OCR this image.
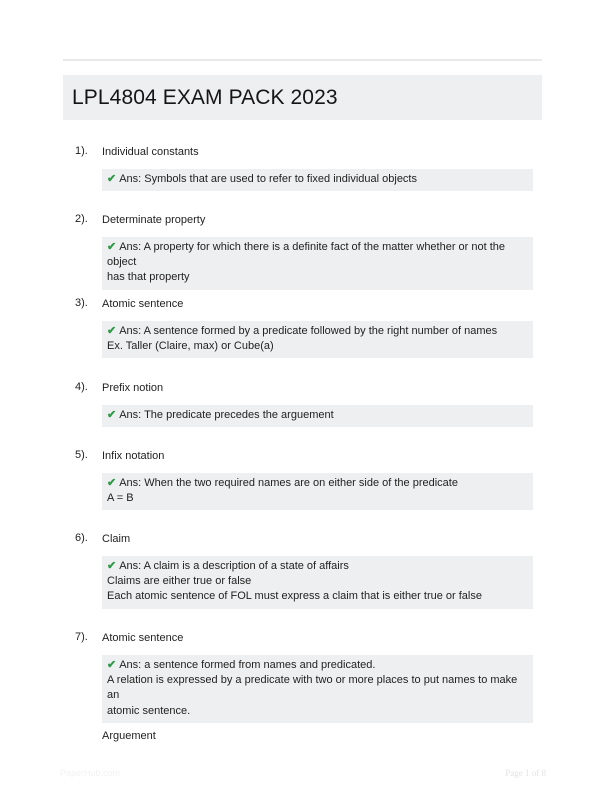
LPL4804 EXAM PACK 2023
1). Individual constants
✔ Ans: Symbols that are used to refer to fixed individual objects
2). Determinate property
✔ Ans: A property for which there is a definite fact of the matter whether or not the object
has that property
3). Atomic sentence
✔ Ans: A sentence formed by a predicate followed by the right number of names
Ex. Taller (Claire, max) or Cube(a)
4). Prefix notion
✔ Ans: The predicate precedes the arguement
5). Infix notation
✔ Ans: When the two required names are on either side of the predicate
A = B
6). Claim
✔ Ans: A claim is a description of a state of affairs
Claims are either true or false
Each atomic sentence of FOL must express a claim that is either true or false
7). Atomic sentence
✔ Ans: a sentence formed from names and predicated.
A relation is expressed by a predicate with two or more places to put names to make an
atomic sentence.
Arguement
PaperHub.com	Page 1 of 8
